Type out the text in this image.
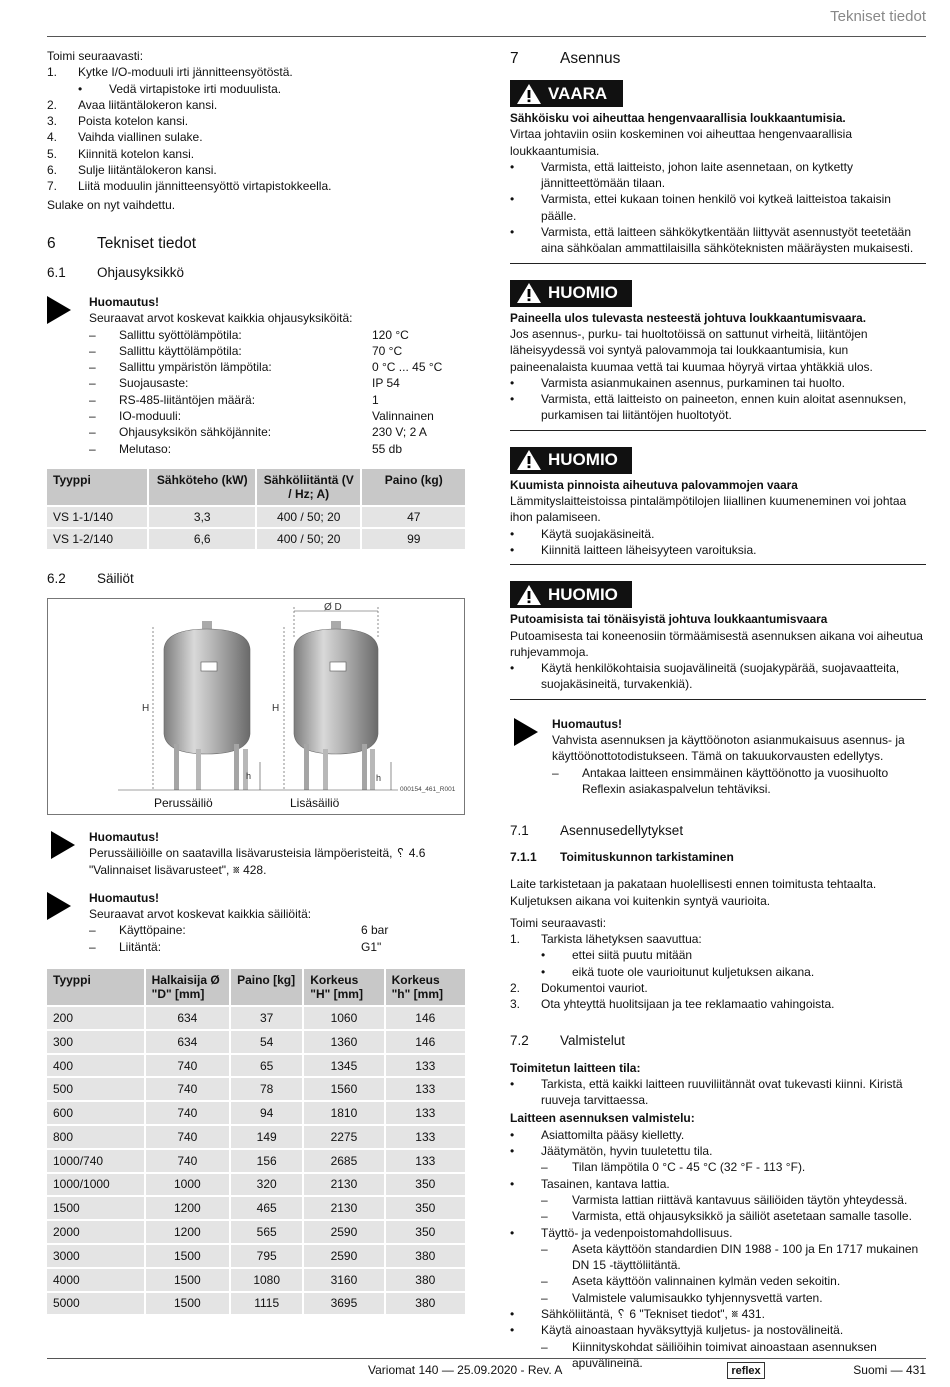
Tekniset tiedot
Toimi seuraavasti:
1.	Kytke I/O-moduuli irti jännitteensyötöstä.
•	Vedä virtapistoke irti moduulista.
2.	Avaa liitäntälokeron kansi.
3.	Poista kotelon kansi.
4.	Vaihda viallinen sulake.
5.	Kiinnitä kotelon kansi.
6.	Sulje liitäntälokeron kansi.
7.	Liitä moduulin jännitteensyöttö virtapistokkeella.
Sulake on nyt vaihdettu.
6	Tekniset tiedot
6.1	Ohjausyksikkö
Huomautus!
Seuraavat arvot koskevat kaikkia ohjausyksiköitä:
–	Sallittu syöttölämpötila:	120 °C
–	Sallittu käyttölämpötila:	70 °C
–	Sallittu ympäristön lämpötila:	0 °C ... 45 °C
–	Suojausaste:	IP 54
–	RS-485-liitäntöjen määrä:	1
–	IO-moduuli:	Valinnainen
–	Ohjausyksikön sähköjännite:	230 V; 2 A
–	Melutaso:	55 db
Tyyppi	Sähköteho (kW)	Sähköliitäntä (V / Hz; A)	Paino (kg)
VS 1-1/140	3,3	400 / 50; 20	47
VS 1-2/140	6,6	400 / 50; 20	99
6.2	Säiliöt
H
h
Ø D
H
h
000154_461_R001
Perussäiliö	Lisäsäiliö
Huomautus!
Perussäiliöille on saatavilla lisävarusteisia lämpöeristeitä, ␦ 4.6
"Valinnaiset lisävarusteet", ␧ 428.
Huomautus!
Seuraavat arvot koskevat kaikkia säiliöitä:
–	Käyttöpaine:	6 bar
–	Liitäntä:	G1"
Tyyppi	Halkaisija Ø "D" [mm]	Paino [kg]	Korkeus "H" [mm]	Korkeus "h" [mm]
200	634	37	1060	146
300	634	54	1360	146
400	740	65	1345	133
500	740	78	1560	133
600	740	94	1810	133
800	740	149	2275	133
1000/740	740	156	2685	133
1000/1000	1000	320	2130	350
1500	1200	465	2130	350
2000	1200	565	2590	350
3000	1500	795	2590	380
4000	1500	1080	3160	380
5000	1500	1115	3695	380
7	Asennus
VAARA
Sähköisku voi aiheuttaa hengenvaarallisia loukkaantumisia.
Virtaa johtaviin osiin koskeminen voi aiheuttaa hengenvaarallisia loukkaantumisia.
•	Varmista, että laitteisto, johon laite asennetaan, on kytketty jännitteettömään tilaan.
•	Varmista, ettei kukaan toinen henkilö voi kytkeä laitteistoa takaisin päälle.
•	Varmista, että laitteen sähkökytkentään liittyvät asennustyöt teetetään aina sähköalan ammattilaisilla sähköteknisten määräysten mukaisesti.
HUOMIO
Paineella ulos tulevasta nesteestä johtuva loukkaantumisvaara.
Jos asennus-, purku- tai huoltotöissä on sattunut virheitä, liitäntöjen läheisyydessä voi syntyä palovammoja tai loukkaantumisia, kun paineenalaista kuumaa vettä tai kuumaa höyryä virtaa yhtäkkiä ulos.
•	Varmista asianmukainen asennus, purkaminen tai huolto.
•	Varmista, että laitteisto on paineeton, ennen kuin aloitat asennuksen, purkamisen tai liitäntöjen huoltotyöt.
HUOMIO
Kuumista pinnoista aiheutuva palovammojen vaara
Lämmityslaitteistoissa pintalämpötilojen liiallinen kuumeneminen voi johtaa ihon palamiseen.
•	Käytä suojakäsineitä.
•	Kiinnitä laitteen läheisyyteen varoituksia.
HUOMIO
Putoamisista tai tönäisyistä johtuva loukkaantumisvaara
Putoamisesta tai koneenosiin törmäämisestä asennuksen aikana voi aiheutua ruhjevammoja.
•	Käytä henkilökohtaisia suojavälineitä (suojakypärää, suojavaatteita, suojakäsineitä, turvakenkiä).
Huomautus!
Vahvista asennuksen ja käyttöönoton asianmukaisuus asennus- ja käyttöönottotodistukseen. Tämä on takuukorvausten edellytys.
–	Antakaa laitteen ensimmäinen käyttöönotto ja vuosihuolto Reflexin asiakaspalvelun tehtäviksi.
7.1	Asennusedellytykset
7.1.1	Toimituskunnon tarkistaminen
Laite tarkistetaan ja pakataan huolellisesti ennen toimitusta tehtaalta. Kuljetuksen aikana voi kuitenkin syntyä vaurioita.
Toimi seuraavasti:
1.	Tarkista lähetyksen saavuttua:
•	ettei siitä puutu mitään
•	eikä tuote ole vaurioitunut kuljetuksen aikana.
2.	Dokumentoi vauriot.
3.	Ota yhteyttä huolitsijaan ja tee reklamaatio vahingoista.
7.2	Valmistelut
Toimitetun laitteen tila:
•	Tarkista, että kaikki laitteen ruuviliitännät ovat tukevasti kiinni. Kiristä ruuveja tarvittaessa.
Laitteen asennuksen valmistelu:
•	Asiattomilta pääsy kielletty.
•	Jäätymätön, hyvin tuuletettu tila.
–	Tilan lämpötila 0 °C - 45 °C (32 °F - 113 °F).
•	Tasainen, kantava lattia.
–	Varmista lattian riittävä kantavuus säiliöiden täytön yhteydessä.
–	Varmista, että ohjausyksikkö ja säiliöt asetetaan samalle tasolle.
•	Täyttö- ja vedenpoistomahdollisuus.
–	Aseta käyttöön standardien DIN 1988 - 100 ja En 1717 mukainen DN 15 -täyttöliitäntä.
–	Aseta käyttöön valinnainen kylmän veden sekoitin.
–	Valmistele valumisaukko tyhjennysvettä varten.
•	Sähköliitäntä, ␦ 6 "Tekniset tiedot", ␧ 431.
•	Käytä ainoastaan hyväksyttyjä kuljetus- ja nostovälineitä.
–	Kiinnityskohdat säiliöihin toimivat ainoastaan asennuksen apuvälineinä.
Variomat 140 — 25.09.2020 - Rev. A	reflex	Suomi — 431
